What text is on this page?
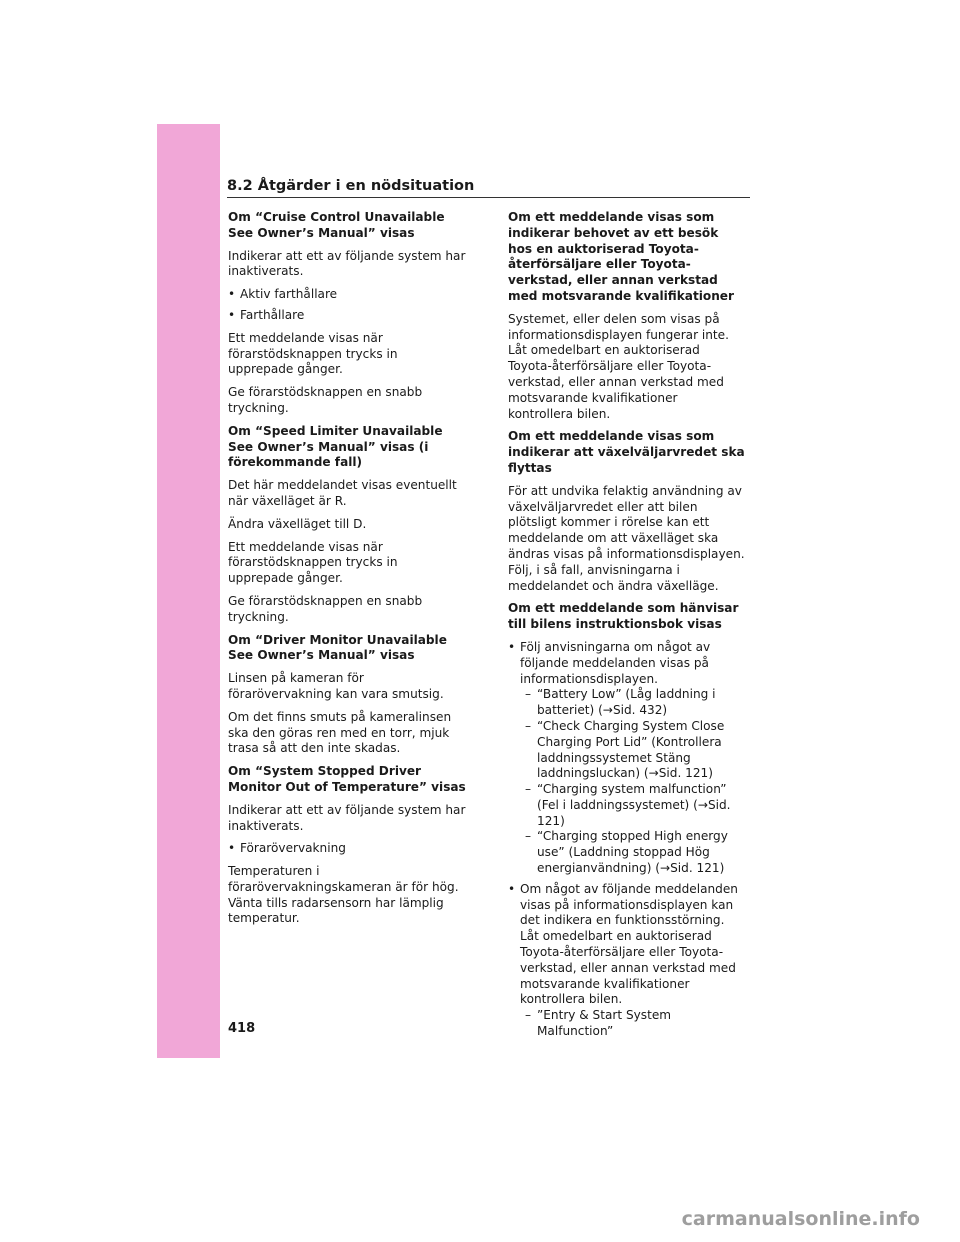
8.2 Åtgärder i en nödsituation

Om “Cruise Control Unavailable See Owner’s Manual” visas

Indikerar att ett av följande system har inaktiverats.

• Aktiv farthållare
• Farthållare

Ett meddelande visas när förarstödsknappen trycks in upprepade gånger.

Ge förarstödsknappen en snabb tryckning.

Om “Speed Limiter Unavailable See Owner’s Manual” visas (i förekommande fall)

Det här meddelandet visas eventuellt när växelläget är R.

Ändra växelläget till D.

Ett meddelande visas när förarstödsknappen trycks in upprepade gånger.

Ge förarstödsknappen en snabb tryckning.

Om “Driver Monitor Unavailable See Owner’s Manual” visas

Linsen på kameran för förarövervakning kan vara smutsig.

Om det finns smuts på kameralinsen ska den göras ren med en torr, mjuk trasa så att den inte skadas.

Om “System Stopped Driver Monitor Out of Temperature” visas

Indikerar att ett av följande system har inaktiverats.

• Förarövervakning

Temperaturen i förarövervakningskameran är för hög. Vänta tills radarsensorn har lämplig temperatur.

Om ett meddelande visas som indikerar behovet av ett besök hos en auktoriserad Toyota-återförsäljare eller Toyota-verkstad, eller annan verkstad med motsvarande kvalifikationer

Systemet, eller delen som visas på informationsdisplayen fungerar inte. Låt omedelbart en auktoriserad Toyota-återförsäljare eller Toyota-verkstad, eller annan verkstad med motsvarande kvalifikationer kontrollera bilen.

Om ett meddelande visas som indikerar att växelväljarvredet ska flyttas

För att undvika felaktig användning av växelväljarvredet eller att bilen plötsligt kommer i rörelse kan ett meddelande om att växelläget ska ändras visas på informationsdisplayen. Följ, i så fall, anvisningarna i meddelandet och ändra växelläge.

Om ett meddelande som hänvisar till bilens instruktionsbok visas

• Följ anvisningarna om något av följande meddelanden visas på informationsdisplayen.
– “Battery Low” (Låg laddning i batteriet) (→Sid. 432)
– “Check Charging System Close Charging Port Lid” (Kontrollera laddningssystemet Stäng laddningsluckan) (→Sid. 121)
– “Charging system malfunction” (Fel i laddningssystemet) (→Sid. 121)
– “Charging stopped High energy use” (Laddning stoppad Hög energianvändning) (→Sid. 121)
• Om något av följande meddelanden visas på informationsdisplayen kan det indikera en funktionsstörning. Låt omedelbart en auktoriserad Toyota-återförsäljare eller Toyota-verkstad, eller annan verkstad med motsvarande kvalifikationer kontrollera bilen.
– ”Entry & Start System Malfunction”
418
carmanualsonline.info
